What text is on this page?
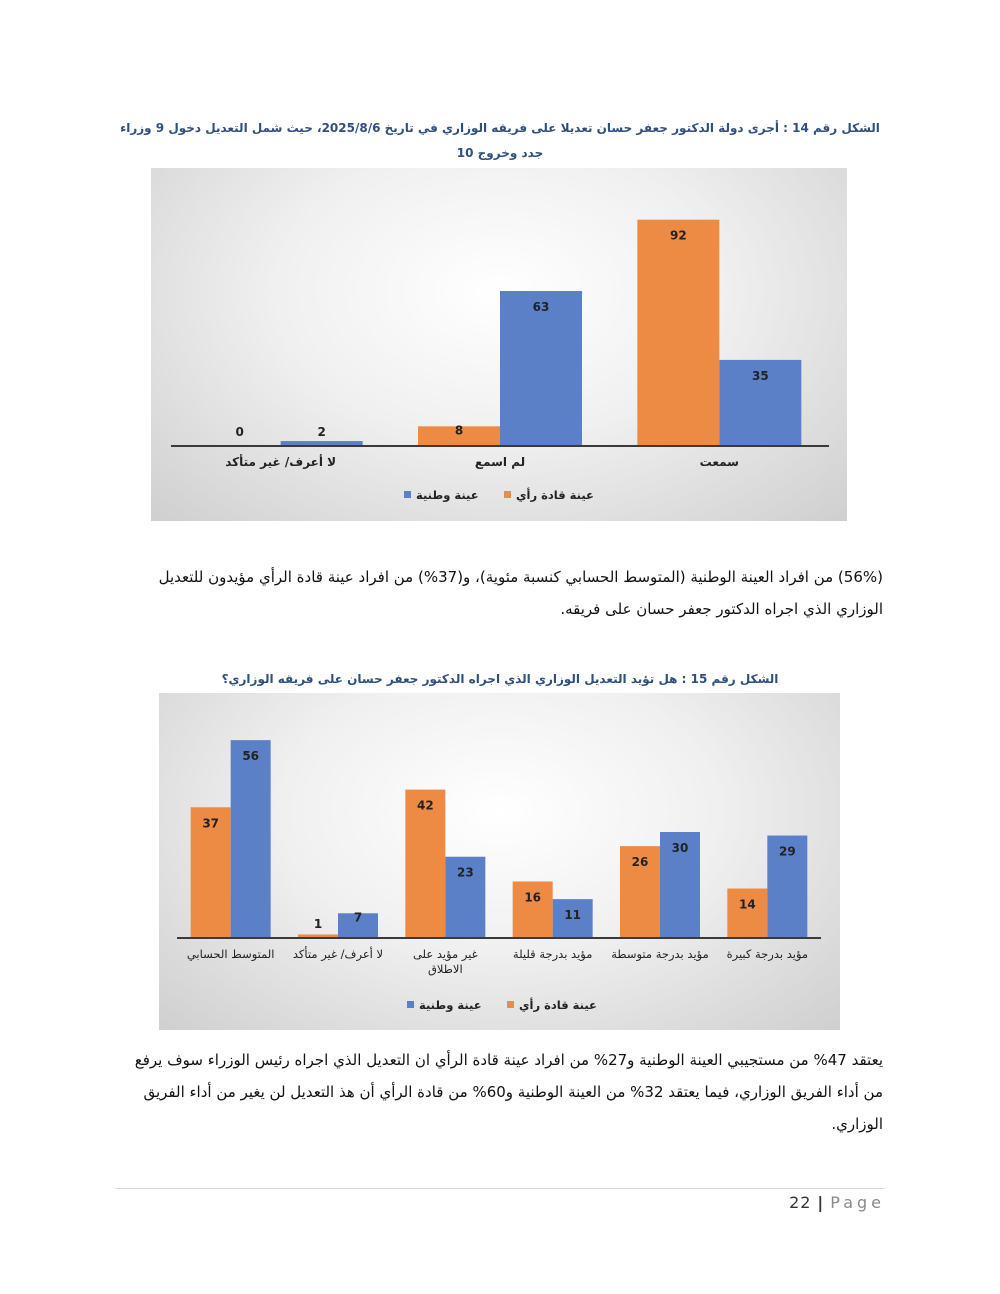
الشكل رقم 14 : أجرى دولة الدكتور جعفر حسان تعديلا على فريقه الوزاري في تاريخ 2025/8/6، حيث شمل التعديل دخول 9 وزراء جدد وخروج 10
92
35
سمعت
8
63
لم اسمع
0	2
لا أعرف/ غير متأكد
عينة قادة رأي
عينة وطنية
(56%) من افراد العينة الوطنية (المتوسط الحسابي كنسبة مئوية)، و(37%) من افراد عينة قادة الرأي مؤيدون للتعديل
الوزاري الذي اجراه الدكتور جعفر حسان على فريقه.
الشكل رقم 15 : هل تؤيد التعديل الوزاري الذي اجراه الدكتور جعفر حسان على فريقه الوزاري؟
14
29
مؤيد بدرجة كبيرة
26
30
مؤيد بدرجة متوسطة
16
11
مؤيد بدرجة قليلة
42
23
غير مؤيد على الاطلاق
1	7
لا أعرف/ غير متأكد
37
56
المتوسط الحسابي
عينة قادة رأي
عينة وطنية
يعتقد 47% من مستجيبي العينة الوطنية و27% من افراد عينة قادة الرأي ان التعديل الذي اجراه رئيس الوزراء سوف يرفع
من أداء الفريق الوزاري، فيما يعتقد 32% من العينة الوطنية و60% من قادة الرأي أن هذ التعديل لن يغير من أداء الفريق
الوزاري.
22 | Page
